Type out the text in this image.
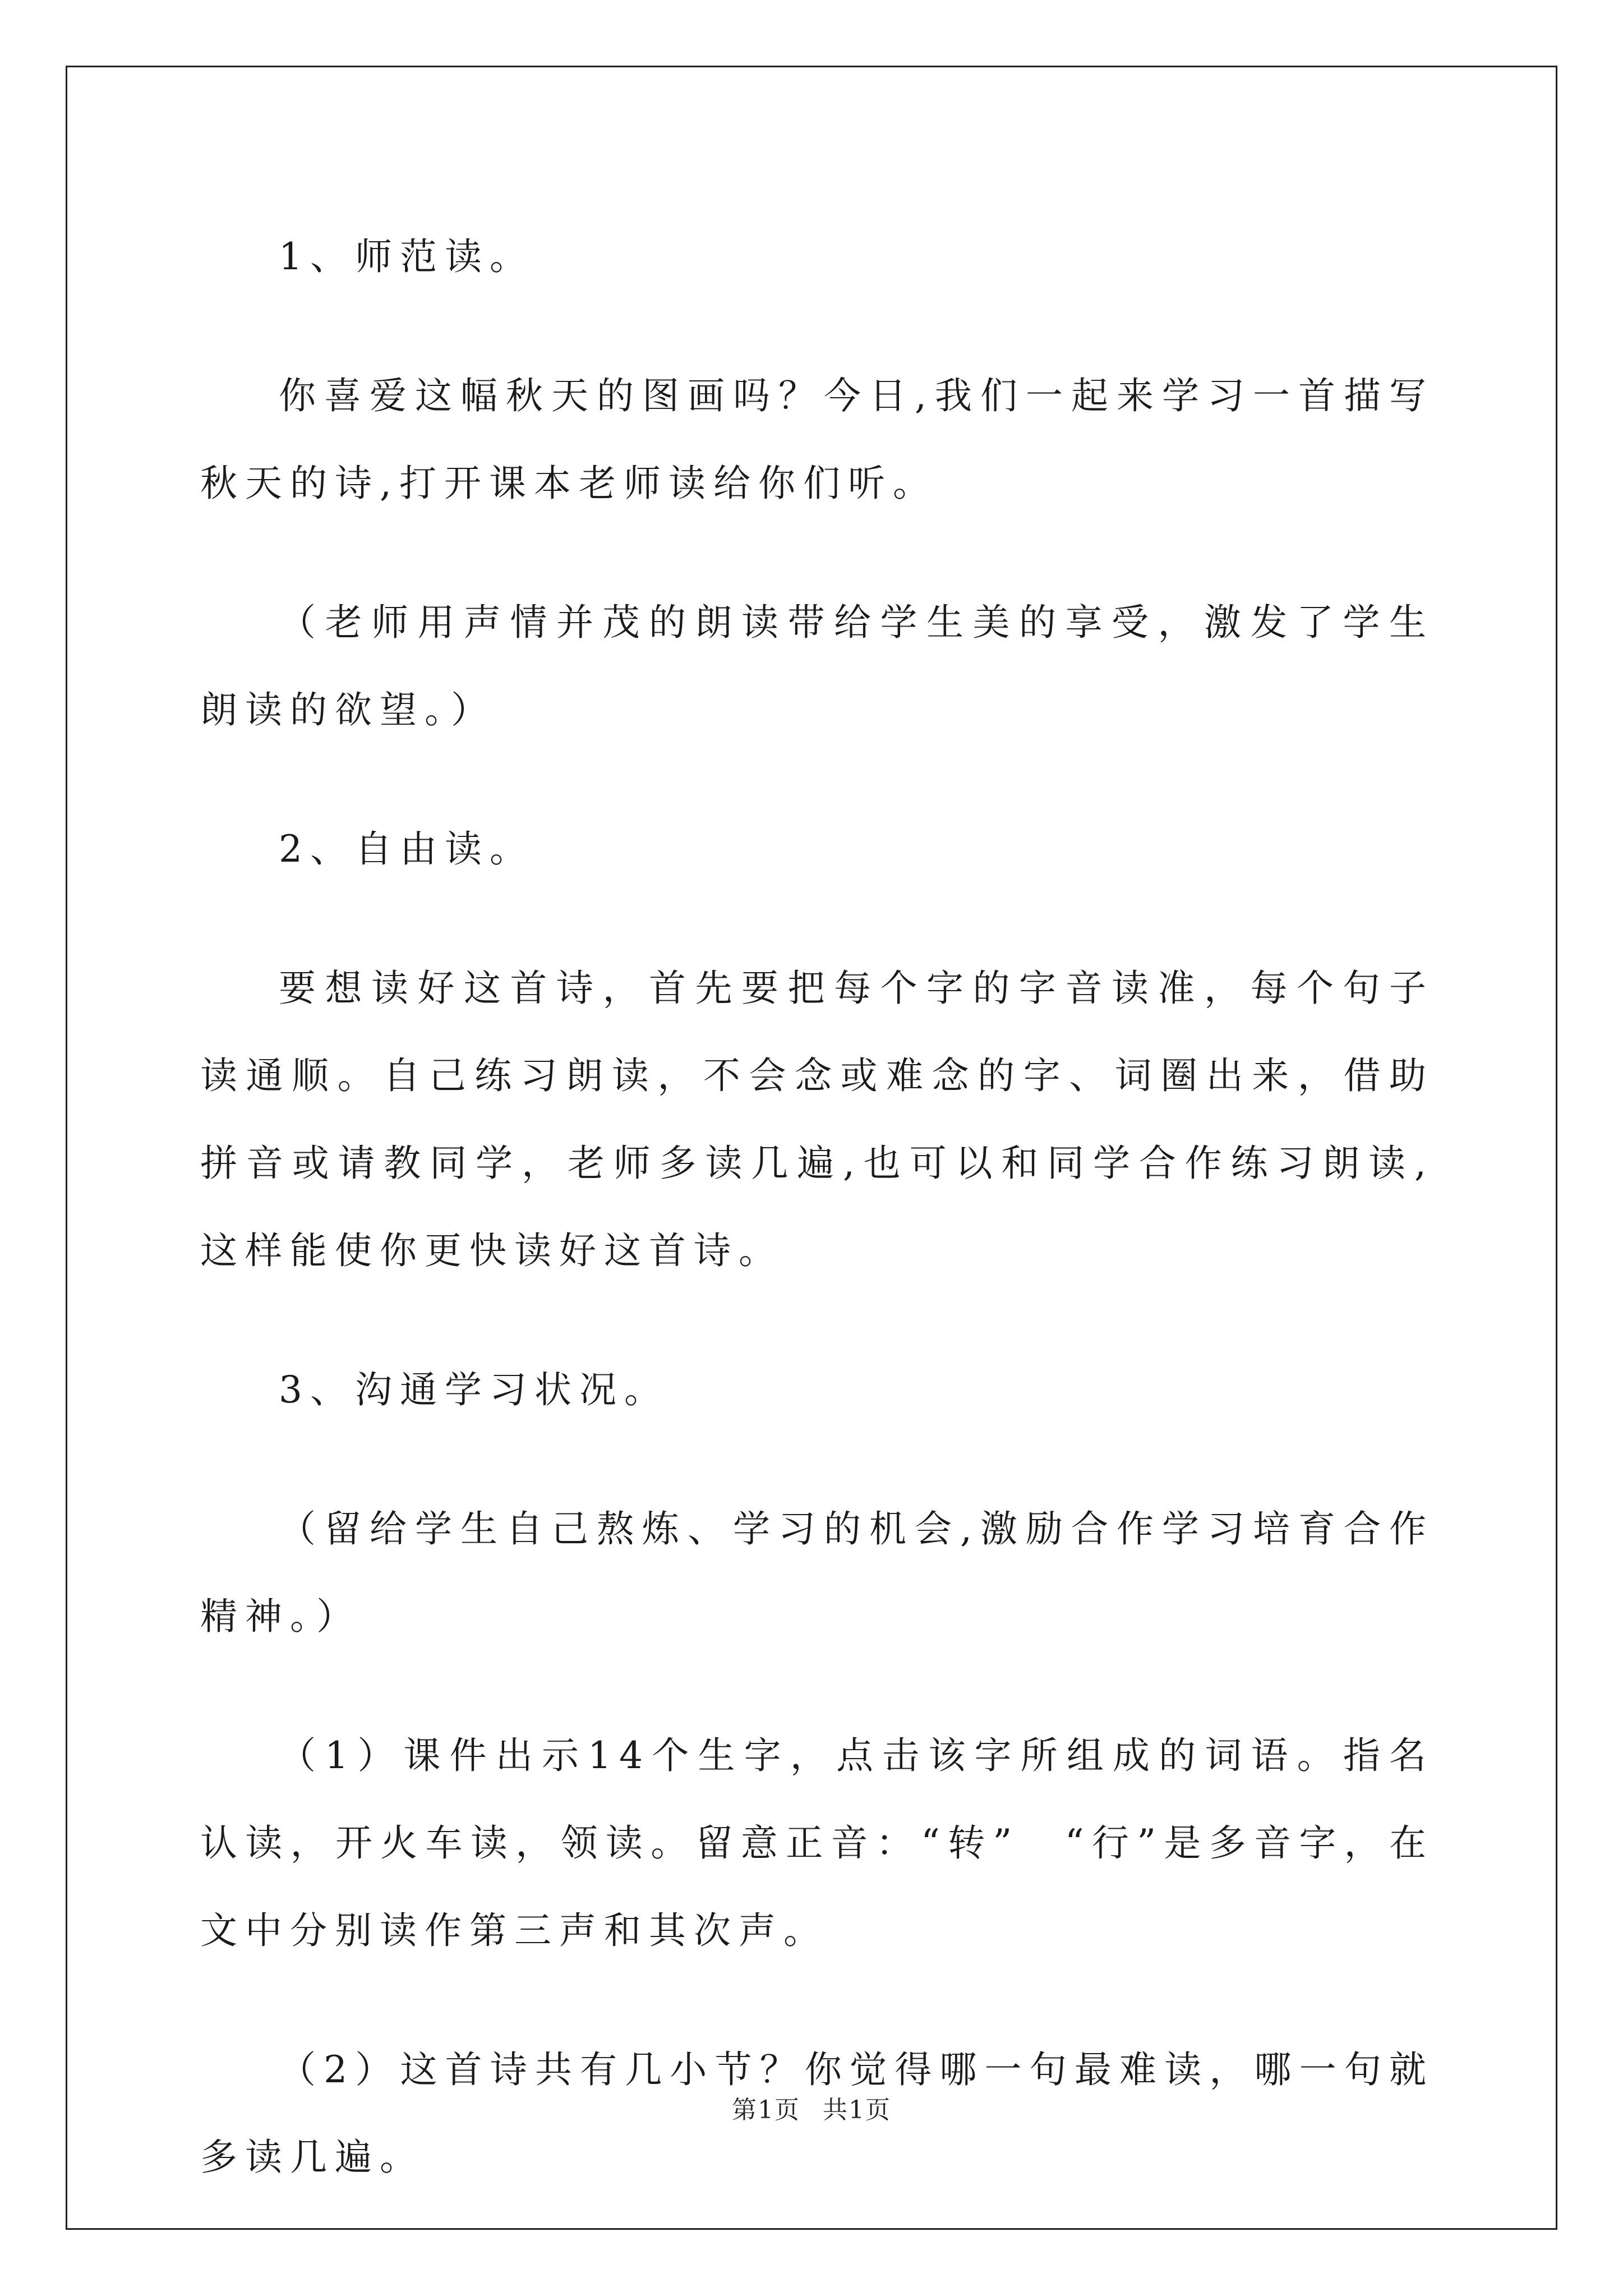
1、师范读。

你喜爱这幅秋天的图画吗？今日,我们一起来学习一首描写秋天的诗,打开课本老师读给你们听。

（老师用声情并茂的朗读带给学生美的享受，激发了学生朗读的欲望。）

2、自由读。

要想读好这首诗，首先要把每个字的字音读准，每个句子读通顺。自己练习朗读，不会念或难念的字、词圈出来，借助拼音或请教同学，老师多读几遍,也可以和同学合作练习朗读,这样能使你更快读好这首诗。

3、沟通学习状况。

（留给学生自己熬炼、学习的机会,激励合作学习培育合作精神。）

（1）课件出示14个生字，点击该字所组成的词语。指名认读，开火车读，领读。留意正音：“转”　“行”是多音字，在文中分别读作第三声和其次声。

（2）这首诗共有几小节？你觉得哪一句最难读，哪一句就多读几遍。

第1页 共1页
